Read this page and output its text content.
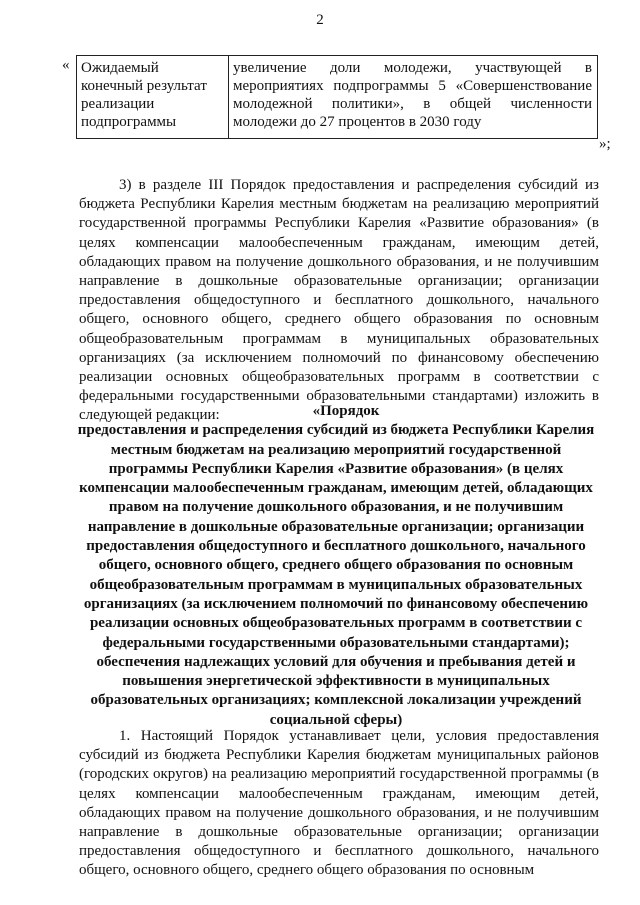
2
« Ожидаемый конечный результат реализации подпрограммы	увеличение доли молодежи, участвующей в мероприятиях подпрограммы 5 «Совершенствование молодежной политики», в общей численности молодежи до 27 процентов в 2030 году
»;

3) в разделе III Порядок предоставления и распределения субсидий из бюджета Республики Карелия местным бюджетам на реализацию мероприятий государственной программы Республики Карелия «Развитие образования» (в целях компенсации малообеспеченным гражданам, имеющим детей, обладающих правом на получение дошкольного образования, и не получившим направление в дошкольные образовательные организации; организации предоставления общедоступного и бесплатного дошкольного, начального общего, основного общего, среднего общего образования по основным общеобразовательным программам в муниципальных образовательных организациях (за исключением полномочий по финансовому обеспечению реализации основных общеобразовательных программ в соответствии с федеральными государственными образовательными стандартами) изложить в следующей редакции:	«Порядок
предоставления и распределения субсидий из бюджета Республики Карелия местным бюджетам на реализацию мероприятий государственной программы Республики Карелия «Развитие образования» (в целях компенсации малообеспеченным гражданам, имеющим детей, обладающих правом на получение дошкольного образования, и не получившим направление в дошкольные образовательные организации; организации предоставления общедоступного и бесплатного дошкольного, начального общего, основного общего, среднего общего образования по основным общеобразовательным программам в муниципальных образовательных организациях (за исключением полномочий по финансовому обеспечению реализации основных общеобразовательных программ в соответствии с федеральными государственными образовательными стандартами); обеспечения надлежащих условий для обучения и пребывания детей и повышения энергетической эффективности в муниципальных образовательных организациях; комплексной локализации учреждений социальной сферы)

1. Настоящий Порядок устанавливает цели, условия предоставления субсидий из бюджета Республики Карелия бюджетам муниципальных районов (городских округов) на реализацию мероприятий государственной программы (в целях компенсации малообеспеченным гражданам, имеющим детей, обладающих правом на получение дошкольного образования, и не получившим направление в дошкольные образовательные организации; организации предоставления общедоступного и бесплатного дошкольного, начального общего, основного общего, среднего общего образования по основным
